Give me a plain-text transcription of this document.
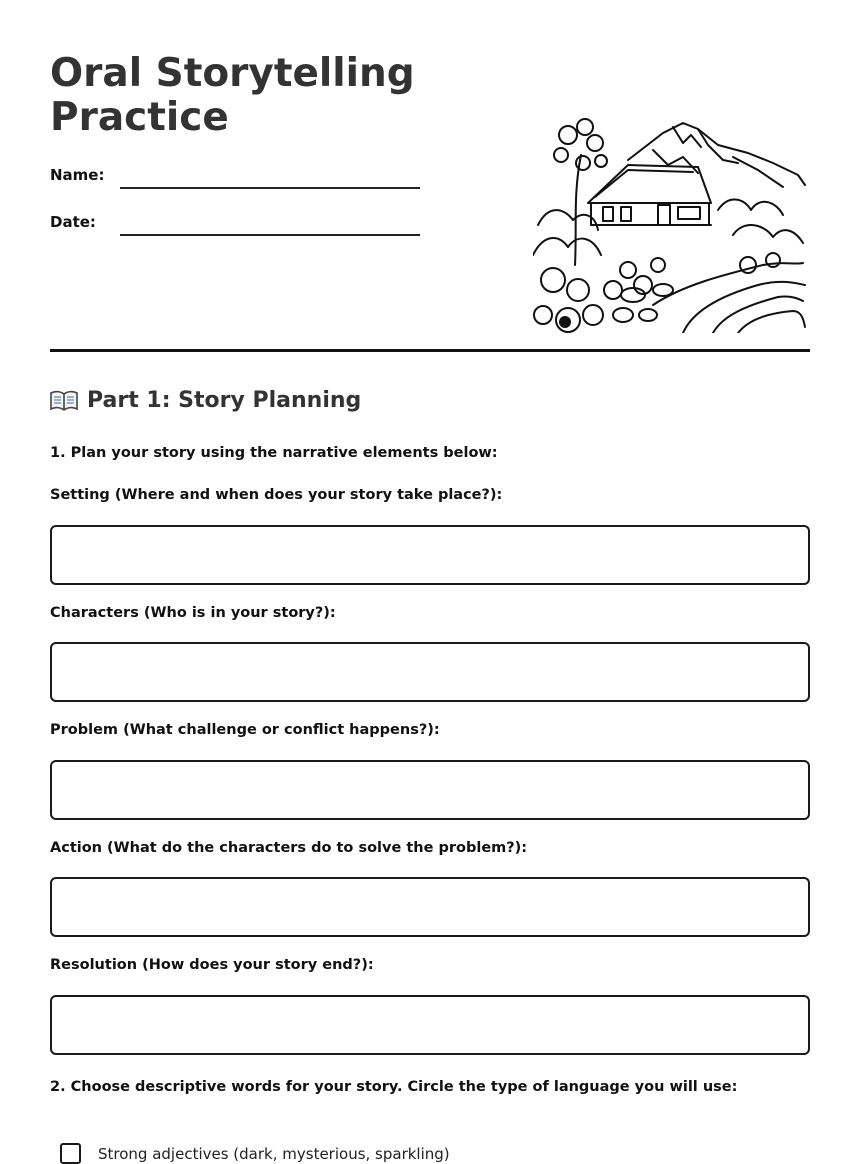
Oral Storytelling Practice
Name:
Date:
Part 1: Story Planning

1. Plan your story using the narrative elements below:

Setting (Where and when does your story take place?):

Characters (Who is in your story?):

Problem (What challenge or conflict happens?):

Action (What do the characters do to solve the problem?):

Resolution (How does your story end?):

2. Choose descriptive words for your story. Circle the type of language you will use:

Strong adjectives (dark, mysterious, sparkling)
